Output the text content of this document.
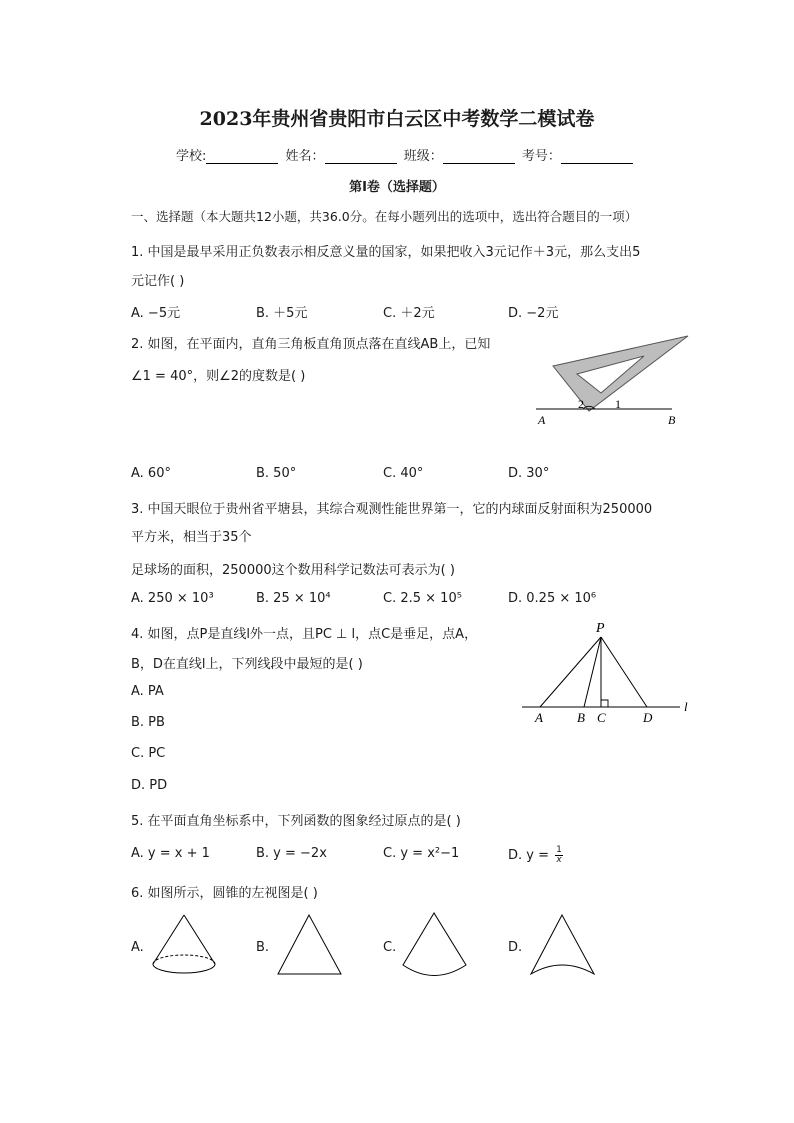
2023年贵州省贵阳市白云区中考数学二模试卷
学校:	姓名：	班级：	考号：
第Ⅰ卷（选择题）
一、选择题（本大题共12小题，共36.0分。在每小题列出的选项中，选出符合题目的一项）
1. 中国是最早采用正负数表示相反意义量的国家，如果把收入3元记作＋3元，那么支出5
元记作( )
A. −5元	B. ＋5元	C. ＋2元	D. −2元
2. 如图，在平面内，直角三角板直角顶点落在直线AB上，已知
∠1 = 40°，则∠2的度数是( )
2	1
A	B
A. 60°	B. 50°	C. 40°	D. 30°
3. 中国天眼位于贵州省平塘县，其综合观测性能世界第一，它的内球面反射面积为250000
平方米，相当于35个
足球场的面积，250000这个数用科学记数法可表示为( )
A. 250 × 10³	B. 25 × 10⁴	C. 2.5 × 10⁵	D. 0.25 × 10⁶
4. 如图，点P是直线l外一点，且PC ⊥ l，点C是垂足，点A，
B，D在直线l上，下列线段中最短的是( )
A. PA
B. PB
C. PC
D. PD
P
A	B C	D
l
5. 在平面直角坐标系中，下列函数的图象经过原点的是( )
A. y = x + 1	B. y = −2x	C. y = x²−1	D. $y = \frac{1}{x}$
6. 如图所示，圆锥的左视图是( )
A.	B.	C.	D.
